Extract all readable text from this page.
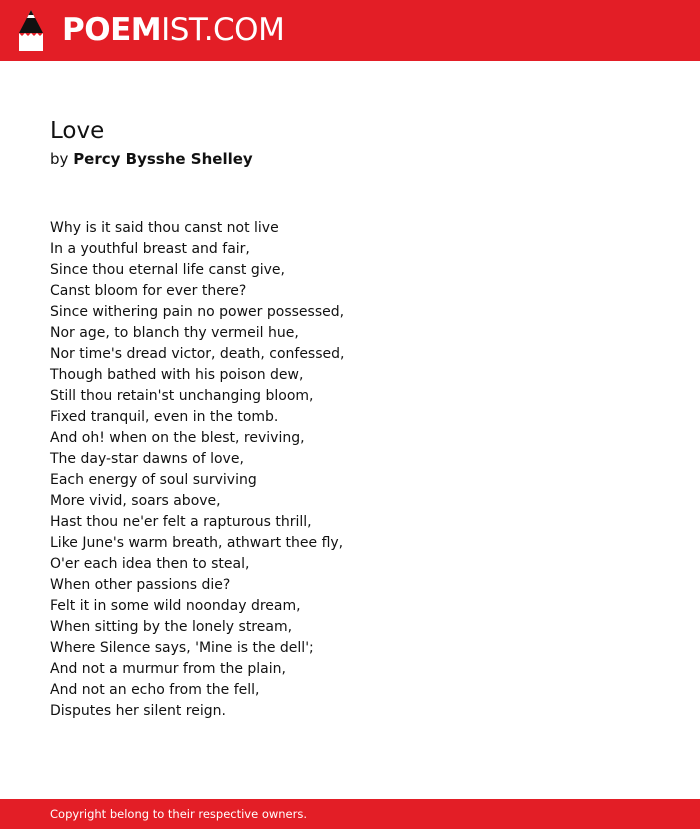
POEMIST.COM
Love
by Percy Bysshe Shelley
Why is it said thou canst not live
In a youthful breast and fair,
Since thou eternal life canst give,
Canst bloom for ever there?
Since withering pain no power possessed,
Nor age, to blanch thy vermeil hue,
Nor time's dread victor, death, confessed,
Though bathed with his poison dew,
Still thou retain'st unchanging bloom,
Fixed tranquil, even in the tomb.
And oh! when on the blest, reviving,
The day-star dawns of love,
Each energy of soul surviving
More vivid, soars above,
Hast thou ne'er felt a rapturous thrill,
Like June's warm breath, athwart thee fly,
O'er each idea then to steal,
When other passions die?
Felt it in some wild noonday dream,
When sitting by the lonely stream,
Where Silence says, 'Mine is the dell';
And not a murmur from the plain,
And not an echo from the fell,
Disputes her silent reign.
Copyright belong to their respective owners.
